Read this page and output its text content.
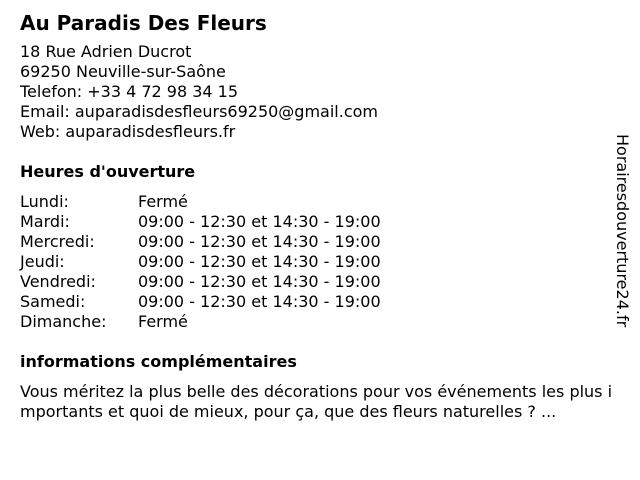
Au Paradis Des Fleurs
18 Rue Adrien Ducrot
69250 Neuville-sur-Saône
Telefon: +33 4 72 98 34 15
Email: auparadisdesfleurs69250@gmail.com
Web: auparadisdesfleurs.fr
Heures d'ouverture
Lundi:	Fermé
Mardi:	09:00 - 12:30 et 14:30 - 19:00
Mercredi:	09:00 - 12:30 et 14:30 - 19:00
Jeudi:	09:00 - 12:30 et 14:30 - 19:00
Vendredi:	09:00 - 12:30 et 14:30 - 19:00
Samedi:	09:00 - 12:30 et 14:30 - 19:00
Dimanche:	Fermé
informations complémentaires
Vous méritez la plus belle des décorations pour vos événements les plus importants et quoi de mieux, pour ça, que des fleurs naturelles ? ...
Horairesdouverture24.fr
